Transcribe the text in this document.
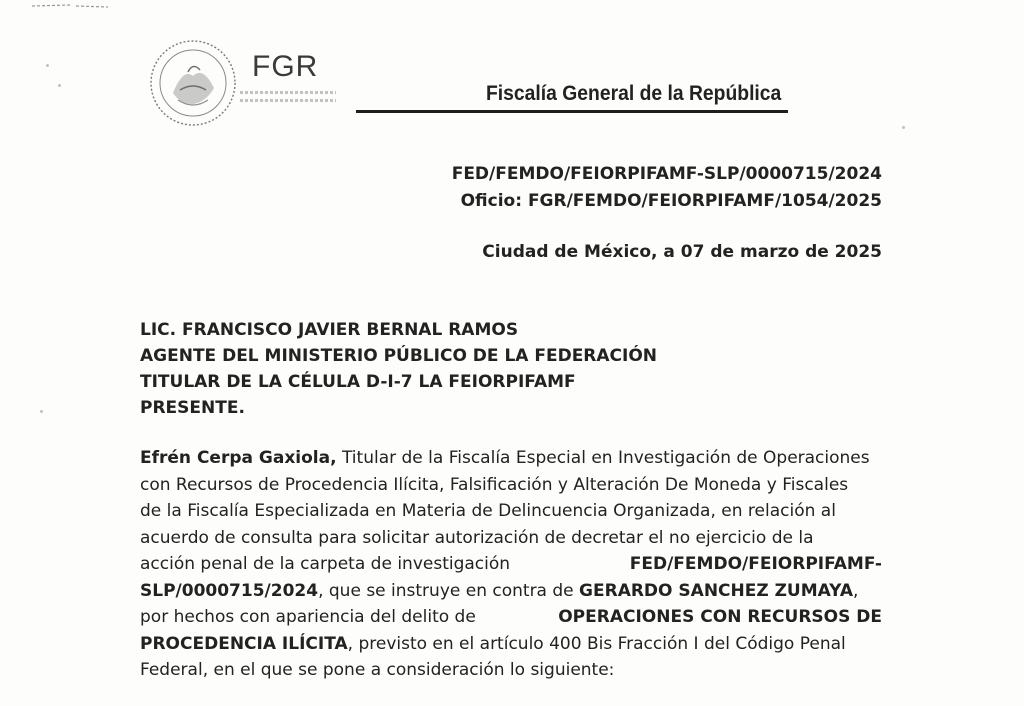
FGR
Fiscalía General de la República
FED/FEMDO/FEIORPIFAMF-SLP/0000715/2024
Oficio: FGR/FEMDO/FEIORPIFAMF/1054/2025
Ciudad de México, a 07 de marzo de 2025
LIC. FRANCISCO JAVIER BERNAL RAMOS
AGENTE DEL MINISTERIO PÚBLICO DE LA FEDERACIÓN
TITULAR DE LA CÉLULA D-I-7 LA FEIORPIFAMF
PRESENTE.
Efrén Cerpa Gaxiola, Titular de la Fiscalía Especial en Investigación de Operaciones
con Recursos de Procedencia Ilícita, Falsificación y Alteración De Moneda y Fiscales
de la Fiscalía Especializada en Materia de Delincuencia Organizada, en relación al
acuerdo de consulta para solicitar autorización de decretar el no ejercicio de la
acción penal de la carpeta de investigación	FED/FEMDO/FEIORPIFAMF-
SLP/0000715/2024, que se instruye en contra de GERARDO SANCHEZ ZUMAYA,
por hechos con apariencia del delito de	OPERACIONES CON RECURSOS DE
PROCEDENCIA ILÍCITA, previsto en el artículo 400 Bis Fracción I del Código Penal
Federal, en el que se pone a consideración lo siguiente:
